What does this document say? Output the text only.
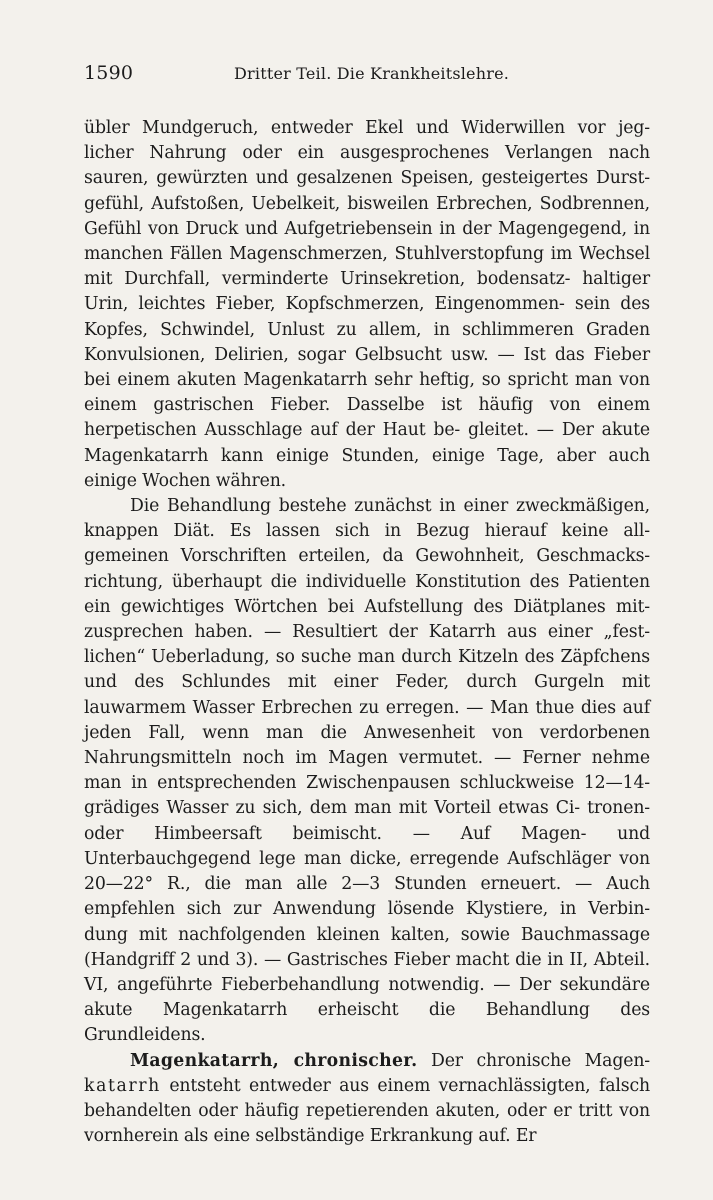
1590	Dritter Teil. Die Krankheitslehre.

übler Mundgeruch, entweder Ekel und Widerwillen vor jeg- licher Nahrung oder ein ausgesprochenes Verlangen nach sauren, gewürzten und gesalzenen Speisen, gesteigertes Durst- gefühl, Aufstoßen, Uebelkeit, bisweilen Erbrechen, Sodbrennen, Gefühl von Druck und Aufgetriebensein in der Magengegend, in manchen Fällen Magenschmerzen, Stuhlverstopfung im Wechsel mit Durchfall, verminderte Urinsekretion, bodensatz- haltiger Urin, leichtes Fieber, Kopfschmerzen, Eingenommen- sein des Kopfes, Schwindel, Unlust zu allem, in schlimmeren Graden Konvulsionen, Delirien, sogar Gelbsucht usw. — Ist das Fieber bei einem akuten Magenkatarrh sehr heftig, so spricht man von einem gastrischen Fieber. Dasselbe ist häufig von einem herpetischen Ausschlage auf der Haut be- gleitet. — Der akute Magenkatarrh kann einige Stunden, einige Tage, aber auch einige Wochen währen.

Die Behandlung bestehe zunächst in einer zweckmäßigen, knappen Diät. Es lassen sich in Bezug hierauf keine all- gemeinen Vorschriften erteilen, da Gewohnheit, Geschmacks- richtung, überhaupt die individuelle Konstitution des Patienten ein gewichtiges Wörtchen bei Aufstellung des Diätplanes mit- zusprechen haben. — Resultiert der Katarrh aus einer „fest- lichen“ Ueberladung, so suche man durch Kitzeln des Zäpfchens und des Schlundes mit einer Feder, durch Gurgeln mit lauwarmem Wasser Erbrechen zu erregen. — Man thue dies auf jeden Fall, wenn man die Anwesenheit von verdorbenen Nahrungsmitteln noch im Magen vermutet. — Ferner nehme man in entsprechenden Zwischenpausen schluckweise 12—14- grädiges Wasser zu sich, dem man mit Vorteil etwas Ci- tronen- oder Himbeersaft beimischt. — Auf Magen- und Unterbauchgegend lege man dicke, erregende Aufschläger von 20—22° R., die man alle 2—3 Stunden erneuert. — Auch empfehlen sich zur Anwendung lösende Klystiere, in Verbin- dung mit nachfolgenden kleinen kalten, sowie Bauchmassage (Handgriff 2 und 3). — Gastrisches Fieber macht die in II, Abteil. VI, angeführte Fieberbehandlung notwendig. — Der sekundäre akute Magenkatarrh erheischt die Behandlung des Grundleidens.

Magenkatarrh, chronischer. Der chronische Magen- katarrh entsteht entweder aus einem vernachlässigten, falsch behandelten oder häufig repetierenden akuten, oder er tritt von vornherein als eine selbständige Erkrankung auf. Er
